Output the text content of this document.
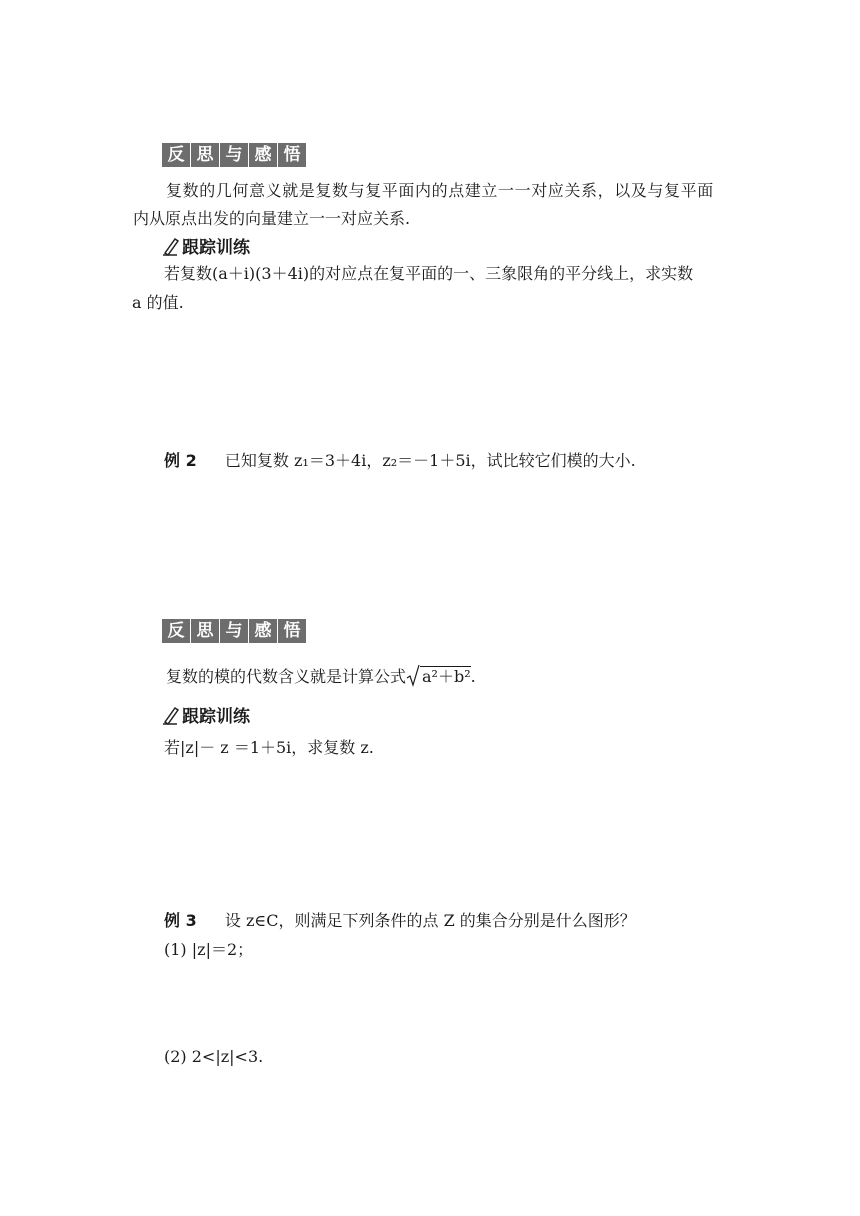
反 思 与 感 悟
复数的几何意义就是复数与复平面内的点建立一一对应关系，以及与复平面
内从原点出发的向量建立一一对应关系.
跟踪训练
若复数(a＋i)(3＋4i)的对应点在复平面的一、三象限角的平分线上，求实数
a 的值.
例 2 已知复数 z₁＝3＋4i，z₂＝－1＋5i，试比较它们模的大小.
反 思 与 感 悟
复数的模的代数含义就是计算公式 a²＋b².
跟踪训练
若|z|－ z ＝1＋5i，求复数 z.
例 3 设 z∈C，则满足下列条件的点 Z 的集合分别是什么图形？
(1) |z|＝2；
(2) 2<|z|<3.
